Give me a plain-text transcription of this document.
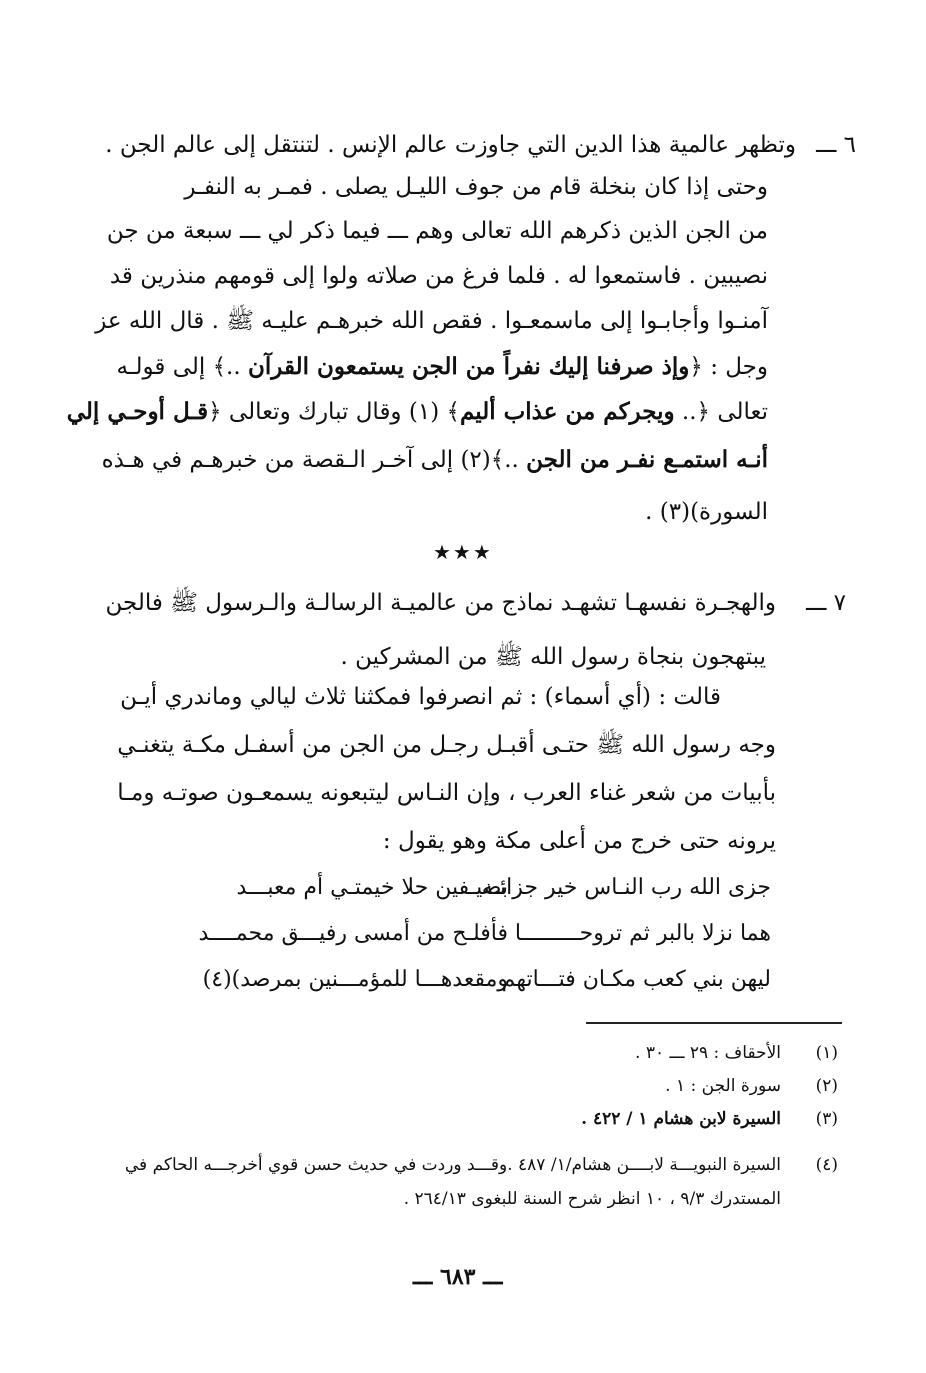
٦ ـــ
وتظهر عالمية هذا الدين التي جاوزت عالم الإنس . لتنتقل إلى عالم الجن .
وحتى إذا كان بنخلة قام من جوف الليـل يصلى . فمـر به النفـر
من الجن الذين ذكرهم الله تعالى وهم ـــ فيما ذكر لي ـــ سبعة من جن
نصيبين . فاستمعوا له . فلما فرغ من صلاته ولوا إلى قومهم منذرين قد
آمنـوا وأجابـوا إلى ماسمعـوا . فقص الله خبرهـم عليـه ﷺ . قال الله عز
وجل : ﴿وإذ صرفنا إليك نفراً من الجن يستمعون القرآن ..﴾ إلى قولـه
تعالى ﴿.. ويجركم من عذاب أليم﴾ (١) وقال تبارك وتعالى ﴿قـل أوحـي إلي
أنـه استمـع نفـر من الجن ..﴾(٢) إلى آخـر الـقصة من خبرهـم في هـذه
السورة)(٣) .
★★★
٧ ـــ
والهجـرة نفسهـا تشهـد نماذج من عالميـة الرسالـة والـرسول ﷺ فالجن
يبتهجون بنجاة رسول الله ﷺ من المشركين .
قالت : (أي أسماء) : ثم انصرفوا فمكثنا ثلاث ليالي وماندري أيـن
وجه رسول الله ﷺ حتـى أقبـل رجـل من الجن من أسفـل مكـة يتغنـي
بأبيات من شعر غناء العرب ، وإن النـاس ليتبعونه يسمعـون صوتـه ومـا
يرونه حتى خرج من أعلى مكة وهو يقول :
جزى الله رب النـاس خير جزائـه
بضيـفين حلا خيمتـي أم معبـــد
هما نزلا بالبر ثم تروحـــــــــا
فأفلـح من أمسى رفيـــق محمــــد
ليهن بني كعب مكـان فتـــاتهم
ومقعدهـــا للمؤمـــنين بمرصد)(٤)
(١)
الأحقاف : ٢٩ ـــ ٣٠ .
(٢)
سورة الجن : ١ .
(٣)
السيرة لابن هشام ١ / ٤٢٢ .
(٤)
السيرة النبويـــة لابــــن هشام/١/ ٤٨٧ .وقـــد وردت في حديث حسن قوي أخرجـــه الحاكم في
المستدرك ٩/٣ ، ١٠ انظر شرح السنة للبغوى ٢٦٤/١٣ .
ـــ ٦٨٣ ـــ
